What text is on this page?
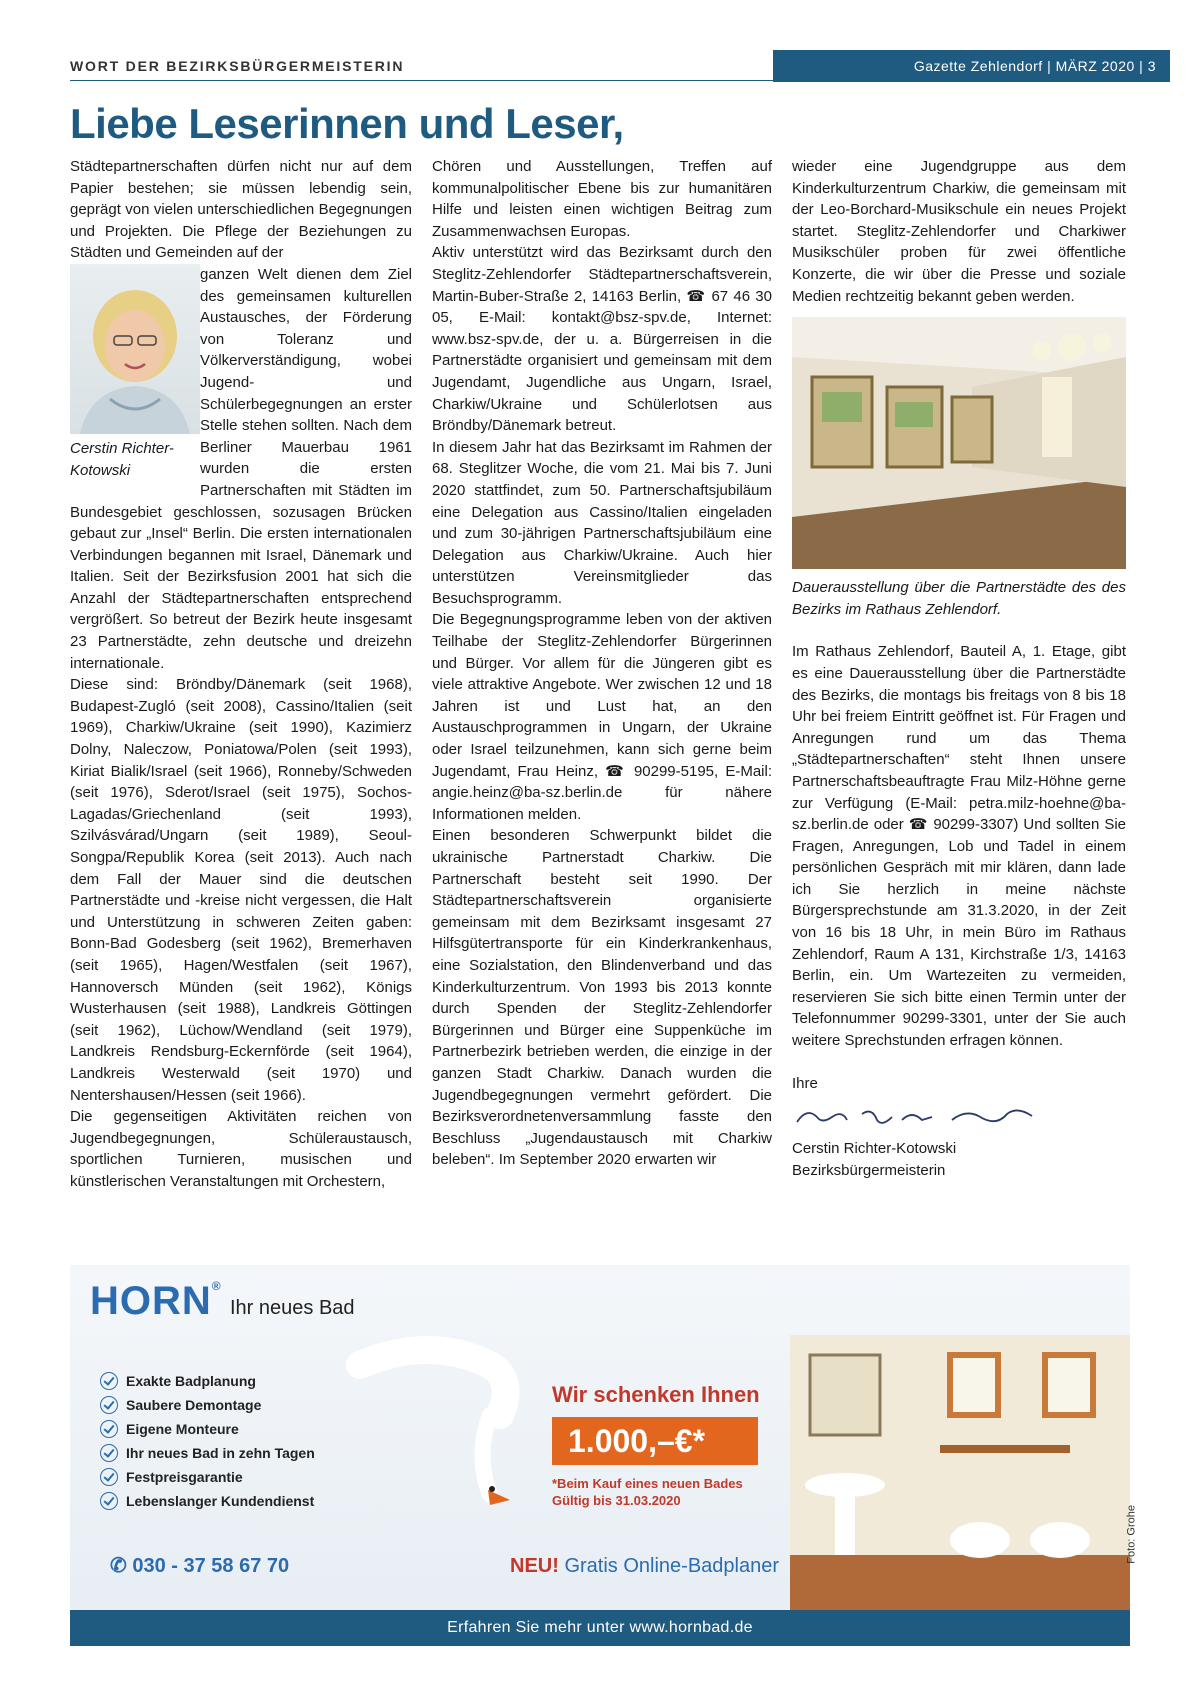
WORT DER BEZIRKSBÜRGERMEISTERIN	Gazette Zehlendorf | MÄRZ 2020 | 3
Liebe Leserinnen und Leser,

Städtepartnerschaften dürfen nicht nur auf dem Papier bestehen; sie müssen lebendig sein, geprägt von vielen unterschiedlichen Begegnungen und Projekten. Die Pflege der Beziehungen zu Städten und Gemeinden auf der

Cerstin Richter-Kotowski

ganzen Welt dienen dem Ziel des gemeinsamen kulturellen Austausches, der Förderung von Toleranz und Völkerverständigung, wobei Jugend- und Schülerbegegnungen an erster Stelle stehen sollten. Nach dem Berliner Mauerbau 1961 wurden die ersten Partnerschaften mit Städten im Bundesgebiet geschlossen, sozusagen Brücken gebaut zur „Insel“ Berlin. Die ersten internationalen Verbindungen begannen mit Israel, Dänemark und Italien. Seit der Bezirksfusion 2001 hat sich die Anzahl der Städtepartnerschaften entsprechend vergrößert. So betreut der Bezirk heute insgesamt 23 Partnerstädte, zehn deutsche und dreizehn internationale.

Diese sind: Bröndby/Dänemark (seit 1968), Budapest-Zugló (seit 2008), Cassino/Italien (seit 1969), Charkiw/Ukraine (seit 1990), Kazimierz Dolny, Naleczow, Poniatowa/Polen (seit 1993), Kiriat Bialik/Israel (seit 1966), Ronneby/Schweden (seit 1976), Sderot/Israel (seit 1975), Sochos-Lagadas/Griechenland (seit 1993), Szilvásvárad/Ungarn (seit 1989), Seoul-Songpa/Republik Korea (seit 2013). Auch nach dem Fall der Mauer sind die deutschen Partnerstädte und -kreise nicht vergessen, die Halt und Unterstützung in schweren Zeiten gaben: Bonn-Bad Godesberg (seit 1962), Bremerhaven (seit 1965), Hagen/Westfalen (seit 1967), Hannoversch Münden (seit 1962), Königs Wusterhausen (seit 1988), Landkreis Göttingen (seit 1962), Lüchow/Wendland (seit 1979), Landkreis Rendsburg-Eckernförde (seit 1964), Landkreis Westerwald (seit 1970) und Nentershausen/Hessen (seit 1966).

Die gegenseitigen Aktivitäten reichen von Jugendbegegnungen, Schüleraustausch, sportlichen Turnieren, musischen und künstlerischen Veranstaltungen mit Orchestern,

Chören und Ausstellungen, Treffen auf kommunalpolitischer Ebene bis zur humanitären Hilfe und leisten einen wichtigen Beitrag zum Zusammenwachsen Europas.

Aktiv unterstützt wird das Bezirksamt durch den Steglitz-Zehlendorfer Städtepartnerschaftsverein, Martin-Buber-Straße 2, 14163 Berlin, ☎ 67 46 30 05, E-Mail: kontakt@bsz-spv.de, Internet: www.bsz-spv.de, der u. a. Bürgerreisen in die Partnerstädte organisiert und gemeinsam mit dem Jugendamt, Jugendliche aus Ungarn, Israel, Charkiw/Ukraine und Schülerlotsen aus Bröndby/Dänemark betreut.

In diesem Jahr hat das Bezirksamt im Rahmen der 68. Steglitzer Woche, die vom 21. Mai bis 7. Juni 2020 stattfindet, zum 50. Partnerschaftsjubiläum eine Delegation aus Cassino/Italien eingeladen und zum 30-jährigen Partnerschaftsjubiläum eine Delegation aus Charkiw/Ukraine. Auch hier unterstützen Vereinsmitglieder das Besuchsprogramm.

Die Begegnungsprogramme leben von der aktiven Teilhabe der Steglitz-Zehlendorfer Bürgerinnen und Bürger. Vor allem für die Jüngeren gibt es viele attraktive Angebote. Wer zwischen 12 und 18 Jahren ist und Lust hat, an den Austauschprogrammen in Ungarn, der Ukraine oder Israel teilzunehmen, kann sich gerne beim Jugendamt, Frau Heinz, ☎ 90299-5195, E-Mail: angie.heinz@ba-sz.berlin.de für nähere Informationen melden.

Einen besonderen Schwerpunkt bildet die ukrainische Partnerstadt Charkiw. Die Partnerschaft besteht seit 1990. Der Städtepartnerschaftsverein organisierte gemeinsam mit dem Bezirksamt insgesamt 27 Hilfsgütertransporte für ein Kinderkrankenhaus, eine Sozialstation, den Blindenverband und das Kinderkulturzentrum. Von 1993 bis 2013 konnte durch Spenden der Steglitz-Zehlendorfer Bürgerinnen und Bürger eine Suppenküche im Partnerbezirk betrieben werden, die einzige in der ganzen Stadt Charkiw. Danach wurden die Jugendbegegnungen vermehrt gefördert. Die Bezirksverordnetenversammlung fasste den Beschluss „Jugendaustausch mit Charkiw beleben“. Im September 2020 erwarten wir

wieder eine Jugendgruppe aus dem Kinderkulturzentrum Charkiw, die gemeinsam mit der Leo-Borchard-Musikschule ein neues Projekt startet. Steglitz-Zehlendorfer und Charkiwer Musikschüler proben für zwei öffentliche Konzerte, die wir über die Presse und soziale Medien rechtzeitig bekannt geben werden.

Dauerausstellung über die Partnerstädte des des Bezirks im Rathaus Zehlendorf.

Im Rathaus Zehlendorf, Bauteil A, 1. Etage, gibt es eine Dauerausstellung über die Partnerstädte des Bezirks, die montags bis freitags von 8 bis 18 Uhr bei freiem Eintritt geöffnet ist. Für Fragen und Anregungen rund um das Thema „Städtepartnerschaften“ steht Ihnen unsere Partnerschaftsbeauftragte Frau Milz-Höhne gerne zur Verfügung (E-Mail: petra.milz-hoehne@ba-sz.berlin.de oder ☎ 90299-3307) Und sollten Sie Fragen, Anregungen, Lob und Tadel in einem persönlichen Gespräch mit mir klären, dann lade ich Sie herzlich in meine nächste Bürgersprechstunde am 31.3.2020, in der Zeit von 16 bis 18 Uhr, in mein Büro im Rathaus Zehlendorf, Raum A 131, Kirchstraße 1/3, 14163 Berlin, ein. Um Wartezeiten zu vermeiden, reservieren Sie sich bitte einen Termin unter der Telefonnummer 90299-3301, unter der Sie auch weitere Sprechstunden erfragen können.

Ihre

Cerstin Richter-Kotowski

Bezirksbürgermeisterin

HORN®
Ihr neues Bad
Exakte Badplanung
Saubere Demontage
Eigene Monteure
Ihr neues Bad in zehn Tagen
Festpreisgarantie
Lebenslanger Kundendienst
✆ 030 - 37 58 67 70
Wir schenken Ihnen
1.000,–€*
*Beim Kauf eines neuen Bades
Gültig bis 31.03.2020
NEU! Gratis Online-Badplaner
Foto: Grohe
Erfahren Sie mehr unter www.hornbad.de
